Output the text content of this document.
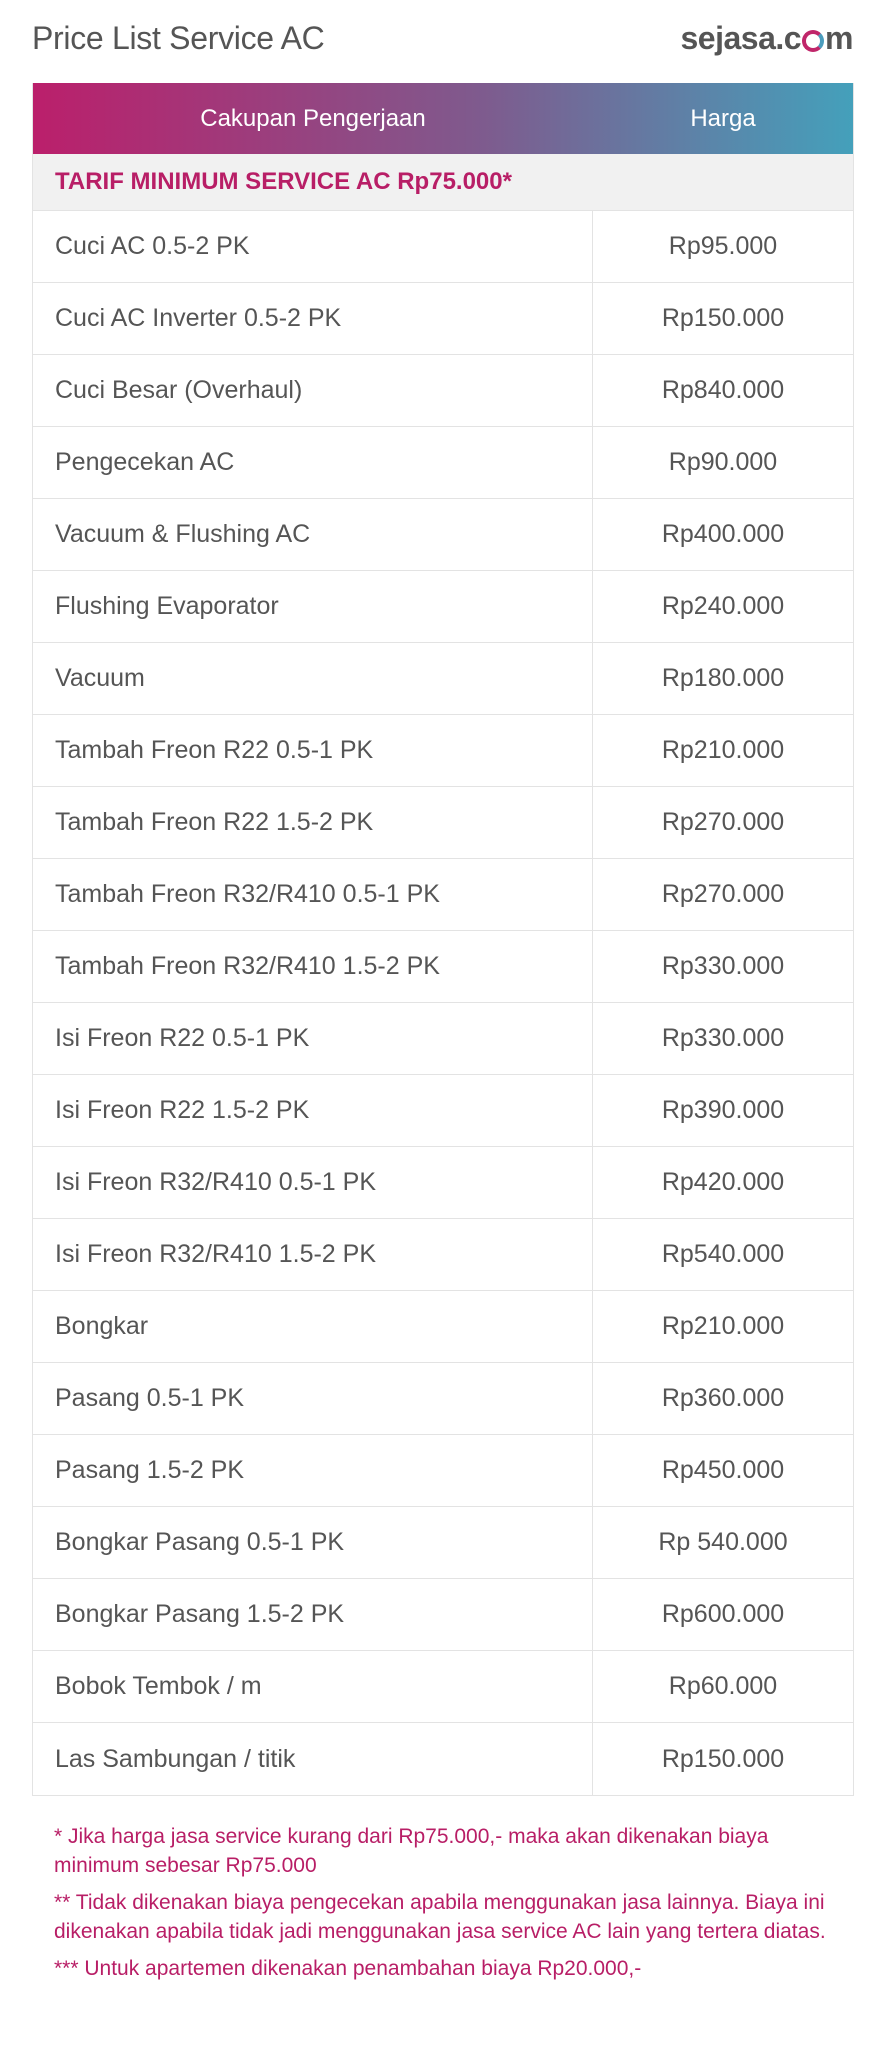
Price List Service AC	sejasa.c m
Cakupan Pengerjaan	Harga
TARIF MINIMUM SERVICE AC Rp75.000*
Cuci AC 0.5-2 PK	Rp95.000
Cuci AC Inverter 0.5-2 PK	Rp150.000
Cuci Besar (Overhaul)	Rp840.000
Pengecekan AC	Rp90.000
Vacuum & Flushing AC	Rp400.000
Flushing Evaporator	Rp240.000
Vacuum	Rp180.000
Tambah Freon R22 0.5-1 PK	Rp210.000
Tambah Freon R22 1.5-2 PK	Rp270.000
Tambah Freon R32/R410 0.5-1 PK	Rp270.000
Tambah Freon R32/R410 1.5-2 PK	Rp330.000
Isi Freon R22 0.5-1 PK	Rp330.000
Isi Freon R22 1.5-2 PK	Rp390.000
Isi Freon R32/R410 0.5-1 PK	Rp420.000
Isi Freon R32/R410 1.5-2 PK	Rp540.000
Bongkar	Rp210.000
Pasang 0.5-1 PK	Rp360.000
Pasang 1.5-2 PK	Rp450.000
Bongkar Pasang 0.5-1 PK	Rp 540.000
Bongkar Pasang 1.5-2 PK	Rp600.000
Bobok Tembok / m	Rp60.000
Las Sambungan / titik	Rp150.000

* Jika harga jasa service kurang dari Rp75.000,- maka akan dikenakan biaya minimum sebesar Rp75.000

** Tidak dikenakan biaya pengecekan apabila menggunakan jasa lainnya. Biaya ini dikenakan apabila tidak jadi menggunakan jasa service AC lain yang tertera diatas.

*** Untuk apartemen dikenakan penambahan biaya Rp20.000,-
